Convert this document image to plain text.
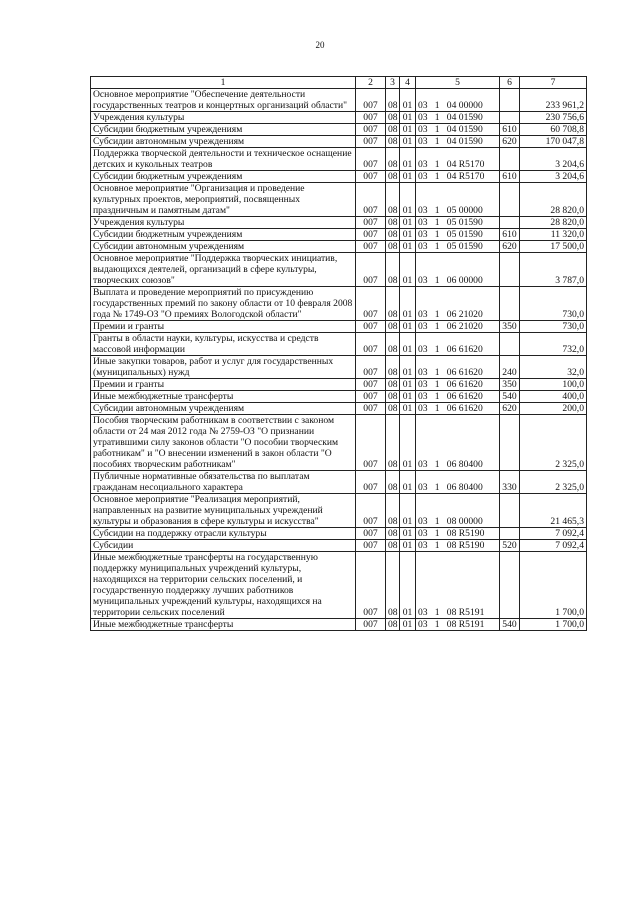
20
1	2	3	4	5	6	7
Основное мероприятие "Обеспечение деятельности государственных театров и концертных организаций области"	007	08	01	03   1   04 00000		233 961,2
Учреждения культуры	007	08	01	03   1   04 01590		230 756,6
Субсидии бюджетным учреждениям	007	08	01	03   1   04 01590	610	60 708,8
Субсидии автономным учреждениям	007	08	01	03   1   04 01590	620	170 047,8
Поддержка творческой деятельности и техническое оснащение детских и кукольных театров	007	08	01	03   1   04 R5170		3 204,6
Субсидии бюджетным учреждениям	007	08	01	03   1   04 R5170	610	3 204,6
Основное мероприятие "Организация и проведение культурных проектов, мероприятий, посвященных праздничным и памятным датам"	007	08	01	03   1   05 00000		28 820,0
Учреждения культуры	007	08	01	03   1   05 01590		28 820,0
Субсидии бюджетным учреждениям	007	08	01	03   1   05 01590	610	11 320,0
Субсидии автономным учреждениям	007	08	01	03   1   05 01590	620	17 500,0
Основное мероприятие "Поддержка творческих инициатив, выдающихся деятелей, организаций в сфере культуры, творческих союзов"	007	08	01	03   1   06 00000		3 787,0
Выплата и проведение мероприятий по присуждению государственных премий по закону области от 10 февраля 2008 года № 1749-ОЗ "О премиях Вологодской области"	007	08	01	03   1   06 21020		730,0
Премии и гранты	007	08	01	03   1   06 21020	350	730,0
Гранты в области науки, культуры, искусства и средств массовой информации	007	08	01	03   1   06 61620		732,0
Иные закупки товаров, работ и услуг для государственных (муниципальных) нужд	007	08	01	03   1   06 61620	240	32,0
Премии и гранты	007	08	01	03   1   06 61620	350	100,0
Иные межбюджетные трансферты	007	08	01	03   1   06 61620	540	400,0
Субсидии автономным учреждениям	007	08	01	03   1   06 61620	620	200,0
Пособия творческим работникам в соответствии с законом области от 24 мая 2012 года № 2759-ОЗ "О признании утратившими силу законов области "О пособии творческим работникам" и "О внесении изменений в закон области "О пособиях творческим работникам"	007	08	01	03   1   06 80400		2 325,0
Публичные нормативные обязательства по выплатам гражданам несоциального характера	007	08	01	03   1   06 80400	330	2 325,0
Основное мероприятие "Реализация мероприятий, направленных на развитие муниципальных учреждений культуры и образования в сфере культуры и искусства"	007	08	01	03   1   08 00000		21 465,3
Субсидии на поддержку отрасли культуры	007	08	01	03   1   08 R5190		7 092,4
Субсидии	007	08	01	03   1   08 R5190	520	7 092,4
Иные межбюджетные трансферты на государственную поддержку муниципальных учреждений культуры, находящихся на территории сельских поселений, и государственную поддержку лучших работников муниципальных учреждений культуры, находящихся на территории сельских поселений	007	08	01	03   1   08 R5191		1 700,0
Иные межбюджетные трансферты	007	08	01	03   1   08 R5191	540	1 700,0
